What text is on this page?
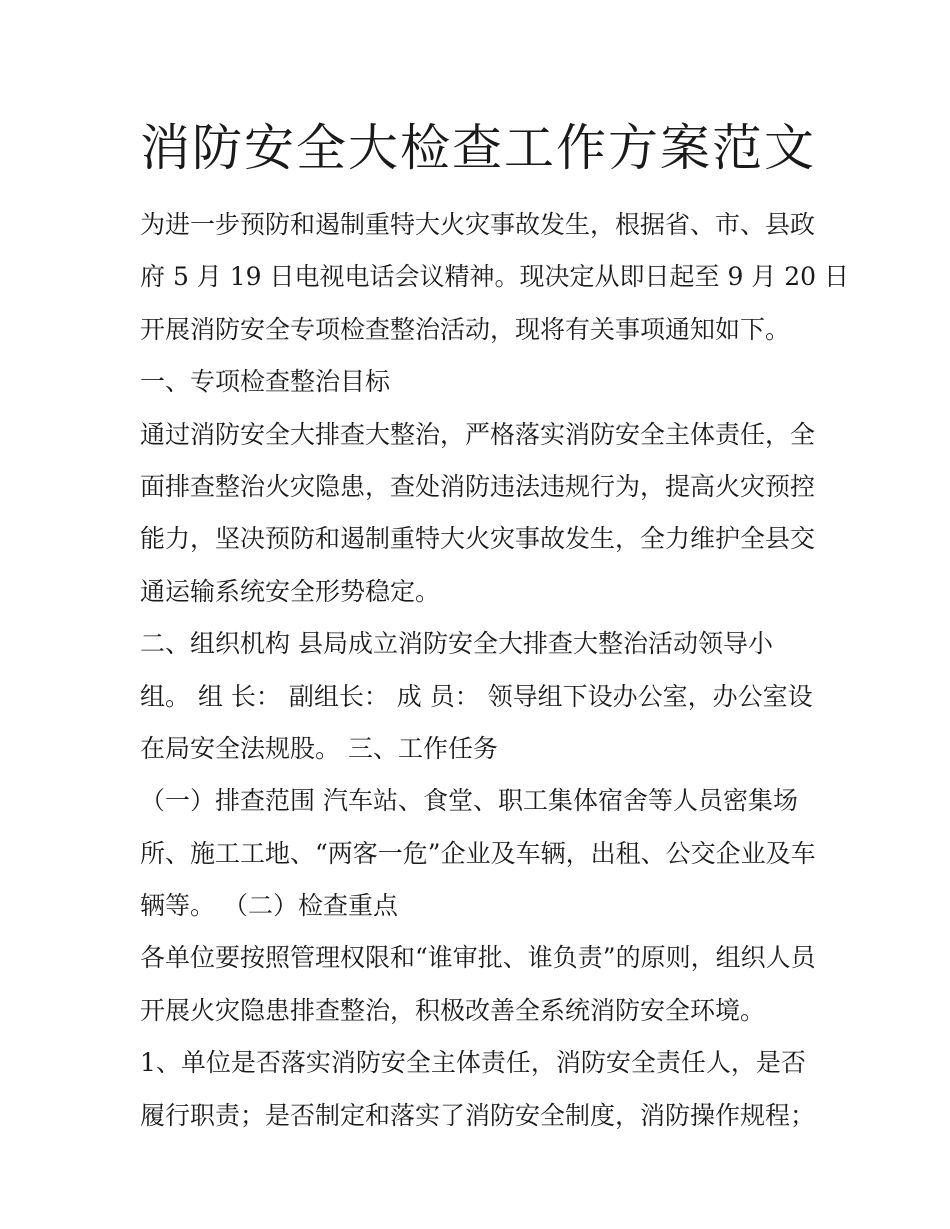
消防安全大检查工作方案范文
为进一步预防和遏制重特大火灾事故发生，根据省、市、县政
府 5 月 19 日电视电话会议精神。现决定从即日起至 9 月 20 日
开展消防安全专项检查整治活动，现将有关事项通知如下。
一、专项检查整治目标
通过消防安全大排查大整治，严格落实消防安全主体责任，全
面排查整治火灾隐患，查处消防违法违规行为，提高火灾预控
能力，坚决预防和遏制重特大火灾事故发生，全力维护全县交
通运输系统安全形势稳定。
二、组织机构 县局成立消防安全大排查大整治活动领导小
组。 组 长： 副组长： 成 员： 领导组下设办公室，办公室设
在局安全法规股。 三、工作任务
（一）排查范围 汽车站、食堂、职工集体宿舍等人员密集场
所、施工工地、“两客一危”企业及车辆，出租、公交企业及车
辆等。 （二）检查重点
各单位要按照管理权限和“谁审批、谁负责”的原则，组织人员
开展火灾隐患排查整治，积极改善全系统消防安全环境。
1、单位是否落实消防安全主体责任，消防安全责任人，是否
履行职责；是否制定和落实了消防安全制度，消防操作规程；
